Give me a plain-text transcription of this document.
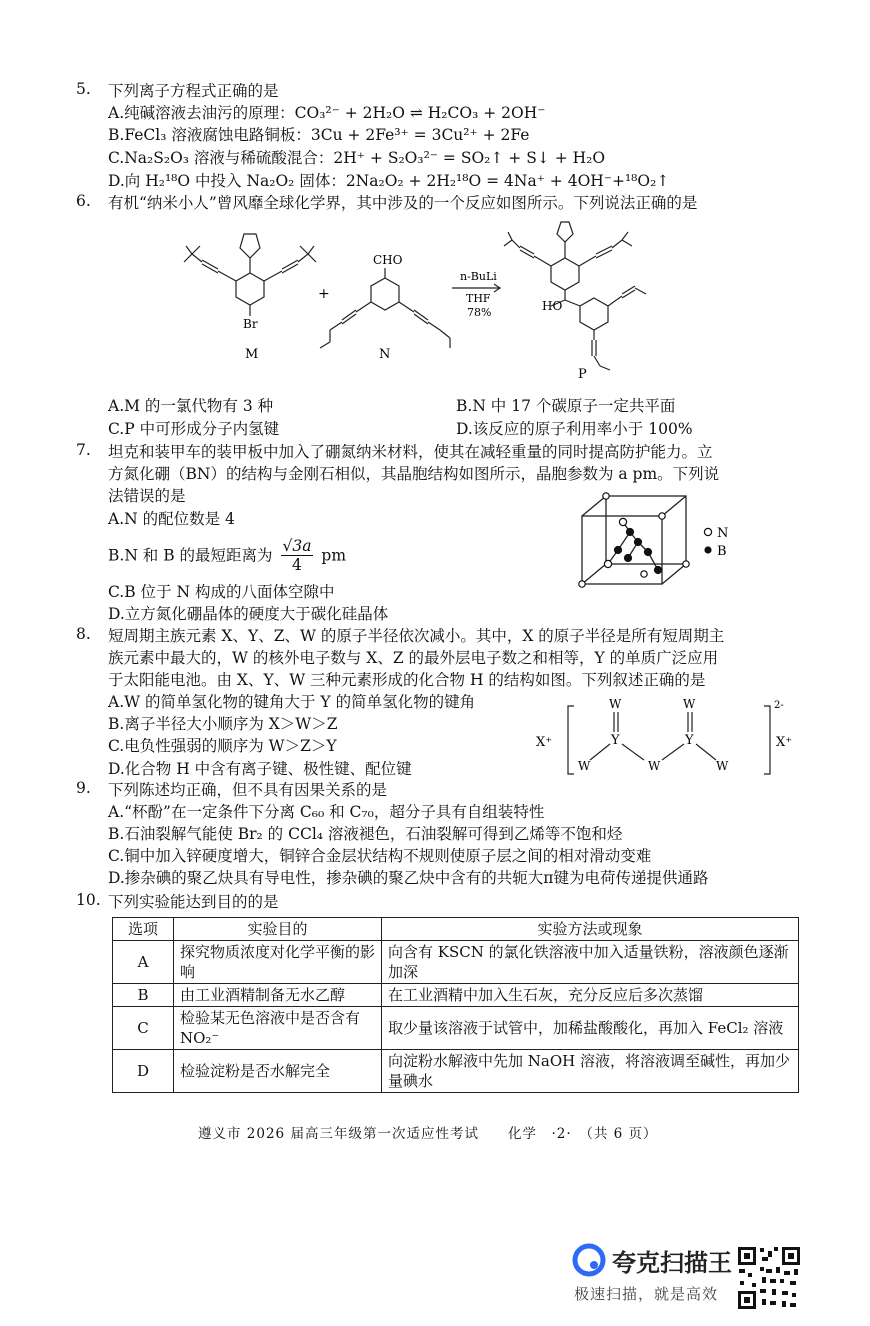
5.	下列离子方程式正确的是
A.纯碱溶液去油污的原理：CO₃²⁻ + 2H₂O ⇌ H₂CO₃ + 2OH⁻
B.FeCl₃ 溶液腐蚀电路铜板：3Cu + 2Fe³⁺ = 3Cu²⁺ + 2Fe
C.Na₂S₂O₃ 溶液与稀硫酸混合：2H⁺ + S₂O₃²⁻ = SO₂↑ + S↓ + H₂O
D.向 H₂¹⁸O 中投入 Na₂O₂ 固体：2Na₂O₂ + 2H₂¹⁸O = 4Na⁺ + 4OH⁻+¹⁸O₂↑
6.	有机“纳米小人”曾风靡全球化学界，其中涉及的一个反应如图所示。下列说法正确的是
Br
M
+
CHO
N
n-BuLi
THF
78%	HO
P
A.M 的一氯代物有 3 种	B.N 中 17 个碳原子一定共平面
C.P 中可形成分子内氢键	D.该反应的原子利用率小于 100%
7.	坦克和装甲车的装甲板中加入了硼氮纳米材料，使其在减轻重量的同时提高防护能力。立
方氮化硼（BN）的结构与金刚石相似，其晶胞结构如图所示，晶胞参数为 a pm。下列说
法错误的是
A.N 的配位数是 4
B.N 和 B 的最短距离为 $\frac{√3a}{4}$ pm
C.B 位于 N 构成的八面体空隙中
D.立方氮化硼晶体的硬度大于碳化硅晶体
N
B
8.	短周期主族元素 X、Y、Z、W 的原子半径依次减小。其中，X 的原子半径是所有短周期主
族元素中最大的，W 的核外电子数与 X、Z 的最外层电子数之和相等，Y 的单质广泛应用
于太阳能电池。由 X、Y、W 三种元素形成的化合物 H 的结构如图。下列叙述正确的是
A.W 的简单氢化物的键角大于 Y 的简单氢化物的键角
B.离子半径大小顺序为 X＞W＞Z
C.电负性强弱的顺序为 W＞Z＞Y
D.化合物 H 中含有离子键、极性键、配位键
X⁺
W
Y
W	W
W
Y
W
2-
X⁺
9.	下列陈述均正确，但不具有因果关系的是
A.“杯酚”在一定条件下分离 C₆₀ 和 C₇₀，超分子具有自组装特性
B.石油裂解气能使 Br₂ 的 CCl₄ 溶液褪色，石油裂解可得到乙烯等不饱和烃
C.铜中加入锌硬度增大，铜锌合金层状结构不规则使原子层之间的相对滑动变难
D.掺杂碘的聚乙炔具有导电性，掺杂碘的聚乙炔中含有的共轭大π键为电荷传递提供通路
10. 下列实验能达到目的的是
选项	实验目的	实验方法或现象
A	探究物质浓度对化学平衡的影响	向含有 KSCN 的氯化铁溶液中加入适量铁粉，溶液颜色逐渐加深
B	由工业酒精制备无水乙醇	在工业酒精中加入生石灰，充分反应后多次蒸馏
C	检验某无色溶液中是否含有 NO₂⁻	取少量该溶液于试管中，加稀盐酸酸化，再加入 FeCl₂ 溶液
D	检验淀粉是否水解完全	向淀粉水解液中先加 NaOH 溶液，将溶液调至碱性，再加少量碘水
遵义市 2026 届高三年级第一次适应性考试　　化学　·2·　（共 6 页）
夸克扫描王
极速扫描，就是高效
